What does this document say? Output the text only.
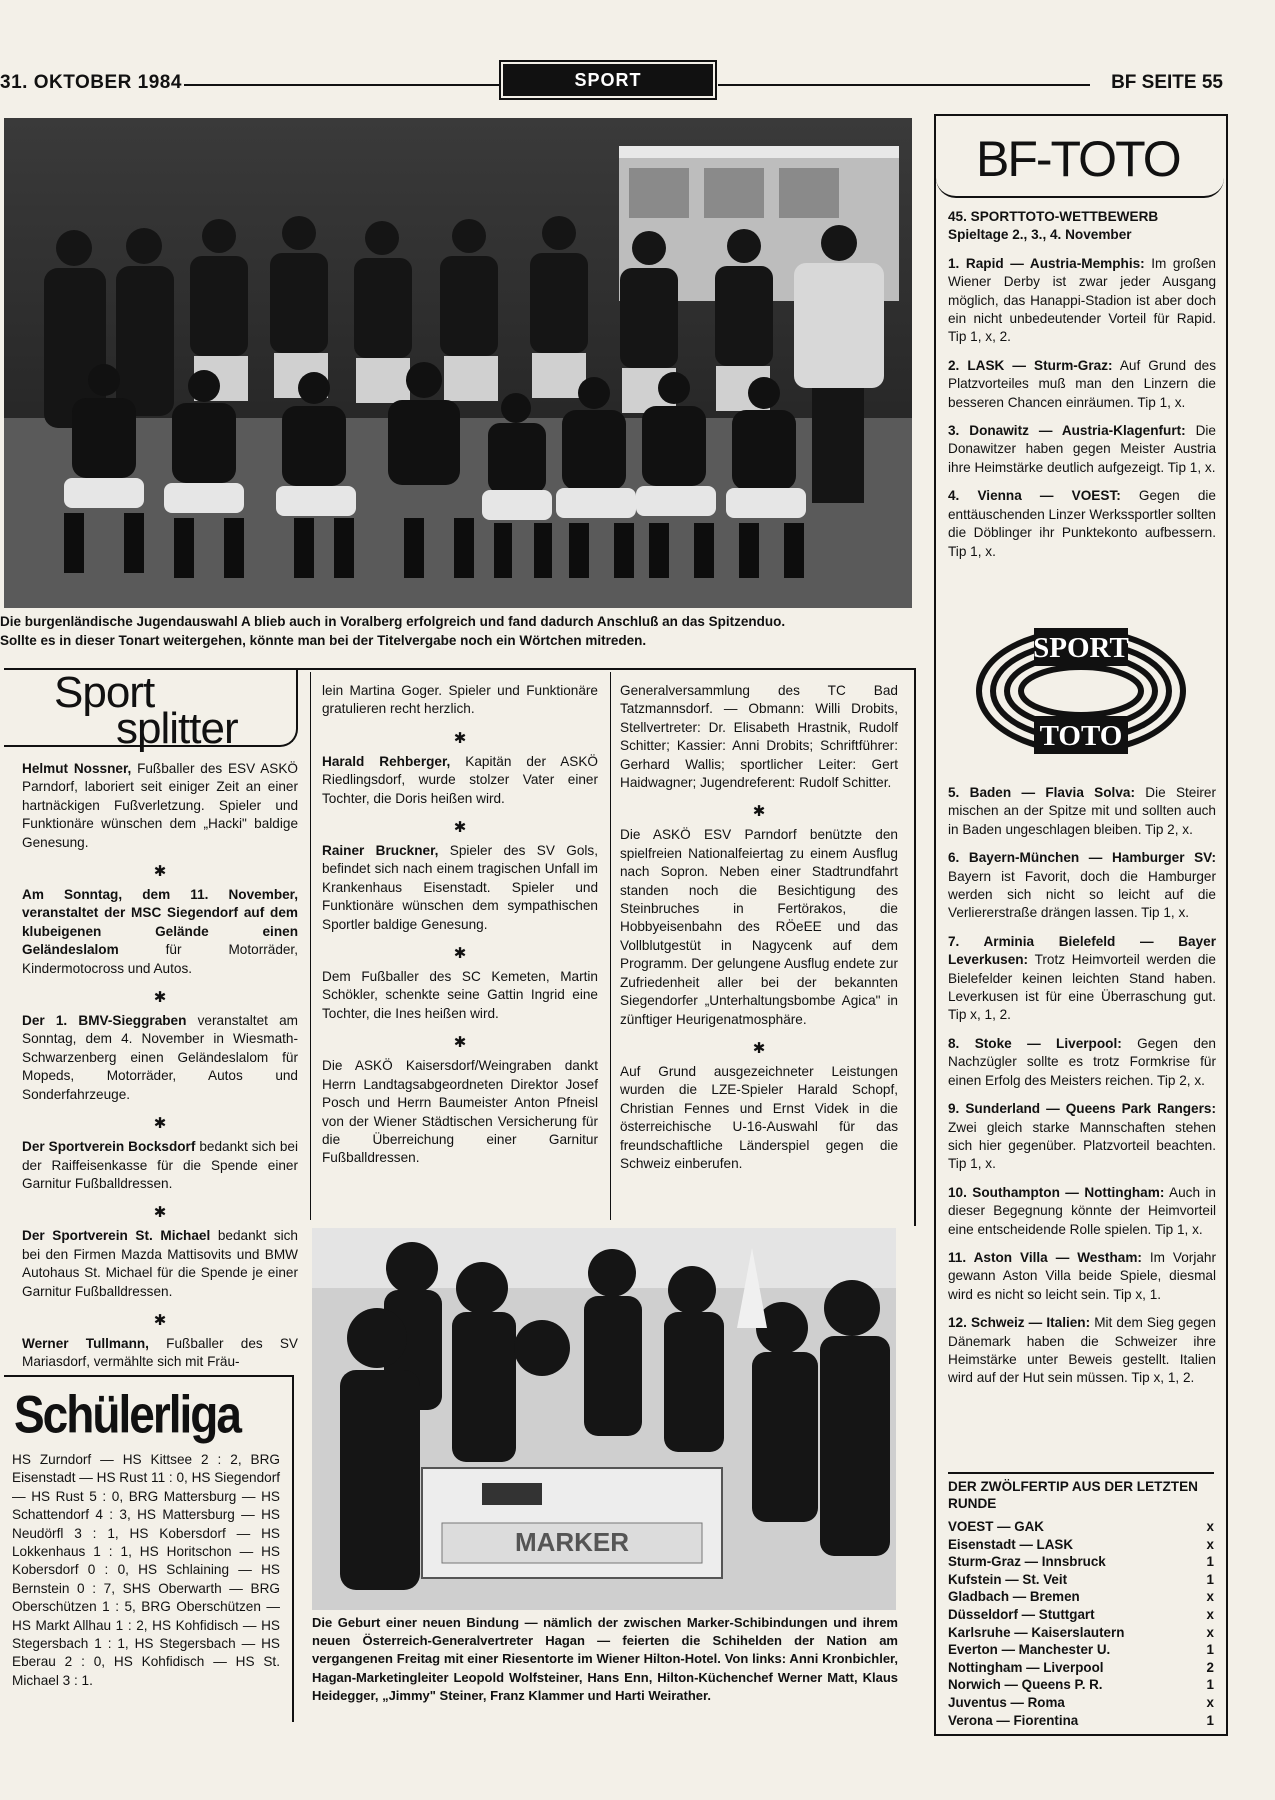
31. OKTOBER 1984	SPORT	BF SEITE 55
Die burgenländische Jugendauswahl A blieb auch in Voralberg erfolgreich und fand dadurch Anschluß an das Spitzenduo.
Sollte es in dieser Tonart weitergehen, könnte man bei der Titelvergabe noch ein Wörtchen mitreden.
Sport
splitter

Helmut Nossner, Fußballer des ESV ASKÖ Parndorf, laboriert seit einiger Zeit an einer hartnäckigen Fußverletzung. Spieler und Funktionäre wünschen dem „Hacki" baldige Genesung.

✱

Am Sonntag, dem 11. November, veranstaltet der MSC Siegendorf auf dem klubeigenen Gelände einen Geländeslalom für Motorräder, Kindermotocross und Autos.

✱

Der 1. BMV-Sieggraben veranstaltet am Sonntag, dem 4. November in Wiesmath-Schwarzenberg einen Geländeslalom für Mopeds, Motorräder, Autos und Sonderfahrzeuge.

✱

Der Sportverein Bocksdorf bedankt sich bei der Raiffeisenkasse für die Spende einer Garnitur Fußballdressen.

✱

Der Sportverein St. Michael bedankt sich bei den Firmen Mazda Mattisovits und BMW Autohaus St. Michael für die Spende je einer Garnitur Fußballdressen.

✱

Werner Tullmann, Fußballer des SV Mariasdorf, vermählte sich mit Fräu-

lein Martina Goger. Spieler und Funktionäre gratulieren recht herzlich.

✱

Harald Rehberger, Kapitän der ASKÖ Riedlingsdorf, wurde stolzer Vater einer Tochter, die Doris heißen wird.

✱

Rainer Bruckner, Spieler des SV Gols, befindet sich nach einem tragischen Unfall im Krankenhaus Eisenstadt. Spieler und Funktionäre wünschen dem sympathischen Sportler baldige Genesung.

✱

Dem Fußballer des SC Kemeten, Martin Schökler, schenkte seine Gattin Ingrid eine Tochter, die Ines heißen wird.

✱

Die ASKÖ Kaisersdorf/Weingraben dankt Herrn Landtagsabgeordneten Direktor Josef Posch und Herrn Baumeister Anton Pfneisl von der Wiener Städtischen Versicherung für die Überreichung einer Garnitur Fußballdressen.

Generalversammlung des TC Bad Tatzmannsdorf. — Obmann: Willi Drobits, Stellvertreter: Dr. Elisabeth Hrastnik, Rudolf Schitter; Kassier: Anni Drobits; Schriftführer: Gerhard Wallis; sportlicher Leiter: Gert Haidwagner; Jugendreferent: Rudolf Schitter.

✱

Die ASKÖ ESV Parndorf benützte den spielfreien Nationalfeiertag zu einem Ausflug nach Sopron. Neben einer Stadtrundfahrt standen noch die Besichtigung des Steinbruches in Fertörakos, die Hobbyeisenbahn des RÖeEE und das Vollblutgestüt in Nagycenk auf dem Programm. Der gelungene Ausflug endete zur Zufriedenheit aller bei der bekannten Siegendorfer „Unterhaltungsbombe Agica" in zünftiger Heurigenatmosphäre.

✱

Auf Grund ausgezeichneter Leistungen wurden die LZE-Spieler Harald Schopf, Christian Fennes und Ernst Videk in die österreichische U-16-Auswahl für das freundschaftliche Länderspiel gegen die Schweiz einberufen.

Schülerliga

HS Zurndorf — HS Kittsee 2 : 2, BRG Eisenstadt — HS Rust 11 : 0, HS Siegendorf — HS Rust 5 : 0, BRG Mattersburg — HS Schattendorf 4 : 3, HS Mattersburg — HS Neudörfl 3 : 1, HS Kobersdorf — HS Lokkenhaus 1 : 1, HS Horitschon — HS Kobersdorf 0 : 0, HS Schlaining — HS Bernstein 0 : 7, SHS Oberwarth — BRG Oberschützen 1 : 5, BRG Oberschützen — HS Markt Allhau 1 : 2, HS Kohfidisch — HS Stegersbach 1 : 1, HS Stegersbach — HS Eberau 2 : 0, HS Kohfidisch — HS St. Michael 3 : 1.

MARKER
Die Geburt einer neuen Bindung — nämlich der zwischen Marker-Schibindungen und ihrem neuen Österreich-Generalvertreter Hagan — feierten die Schihelden der Nation am vergangenen Freitag mit einer Riesentorte im Wiener Hilton-Hotel. Von links: Anni Kronbichler, Hagan-Marketingleiter Leopold Wolfsteiner, Hans Enn, Hilton-Küchenchef Werner Matt, Klaus Heidegger, „Jimmy" Steiner, Franz Klammer und Harti Weirather.
BF-TOTO

45. SPORTTOTO-WETTBEWERB

Spieltage 2., 3., 4. November

1. Rapid — Austria-Memphis: Im großen Wiener Derby ist zwar jeder Ausgang möglich, das Hanappi-Stadion ist aber doch ein nicht unbedeutender Vorteil für Rapid. Tip 1, x, 2.

2. LASK — Sturm-Graz: Auf Grund des Platzvorteiles muß man den Linzern die besseren Chancen einräumen. Tip 1, x.

3. Donawitz — Austria-Klagenfurt: Die Donawitzer haben gegen Meister Austria ihre Heimstärke deutlich aufgezeigt. Tip 1, x.

4. Vienna — VOEST: Gegen die enttäuschenden Linzer Werkssportler sollten die Döblinger ihr Punktekonto aufbessern. Tip 1, x.

SPORT
TOTO

5. Baden — Flavia Solva: Die Steirer mischen an der Spitze mit und sollten auch in Baden ungeschlagen bleiben. Tip 2, x.

6. Bayern-München — Hamburger SV: Bayern ist Favorit, doch die Hamburger werden sich nicht so leicht auf die Verliererstraße drängen lassen. Tip 1, x.

7. Arminia Bielefeld — Bayer Leverkusen: Trotz Heimvorteil werden die Bielefelder keinen leichten Stand haben. Leverkusen ist für eine Überraschung gut. Tip x, 1, 2.

8. Stoke — Liverpool: Gegen den Nachzügler sollte es trotz Formkrise für einen Erfolg des Meisters reichen. Tip 2, x.

9. Sunderland — Queens Park Rangers: Zwei gleich starke Mannschaften stehen sich hier gegenüber. Platzvorteil beachten. Tip 1, x.

10. Southampton — Nottingham: Auch in dieser Begegnung könnte der Heimvorteil eine entscheidende Rolle spielen. Tip 1, x.

11. Aston Villa — Westham: Im Vorjahr gewann Aston Villa beide Spiele, diesmal wird es nicht so leicht sein. Tip x, 1.

12. Schweiz — Italien: Mit dem Sieg gegen Dänemark haben die Schweizer ihre Heimstärke unter Beweis gestellt. Italien wird auf der Hut sein müssen. Tip x, 1, 2.

DER ZWÖLFERTIP AUS DER LETZTEN RUNDE

VOEST — GAK	x
Eisenstadt — LASK	x
Sturm-Graz — Innsbruck	1
Kufstein — St. Veit	1
Gladbach — Bremen	x
Düsseldorf — Stuttgart	x
Karlsruhe — Kaiserslautern	x
Everton — Manchester U.	1
Nottingham — Liverpool	2
Norwich — Queens P. R.	1
Juventus — Roma	x
Verona — Fiorentina	1
